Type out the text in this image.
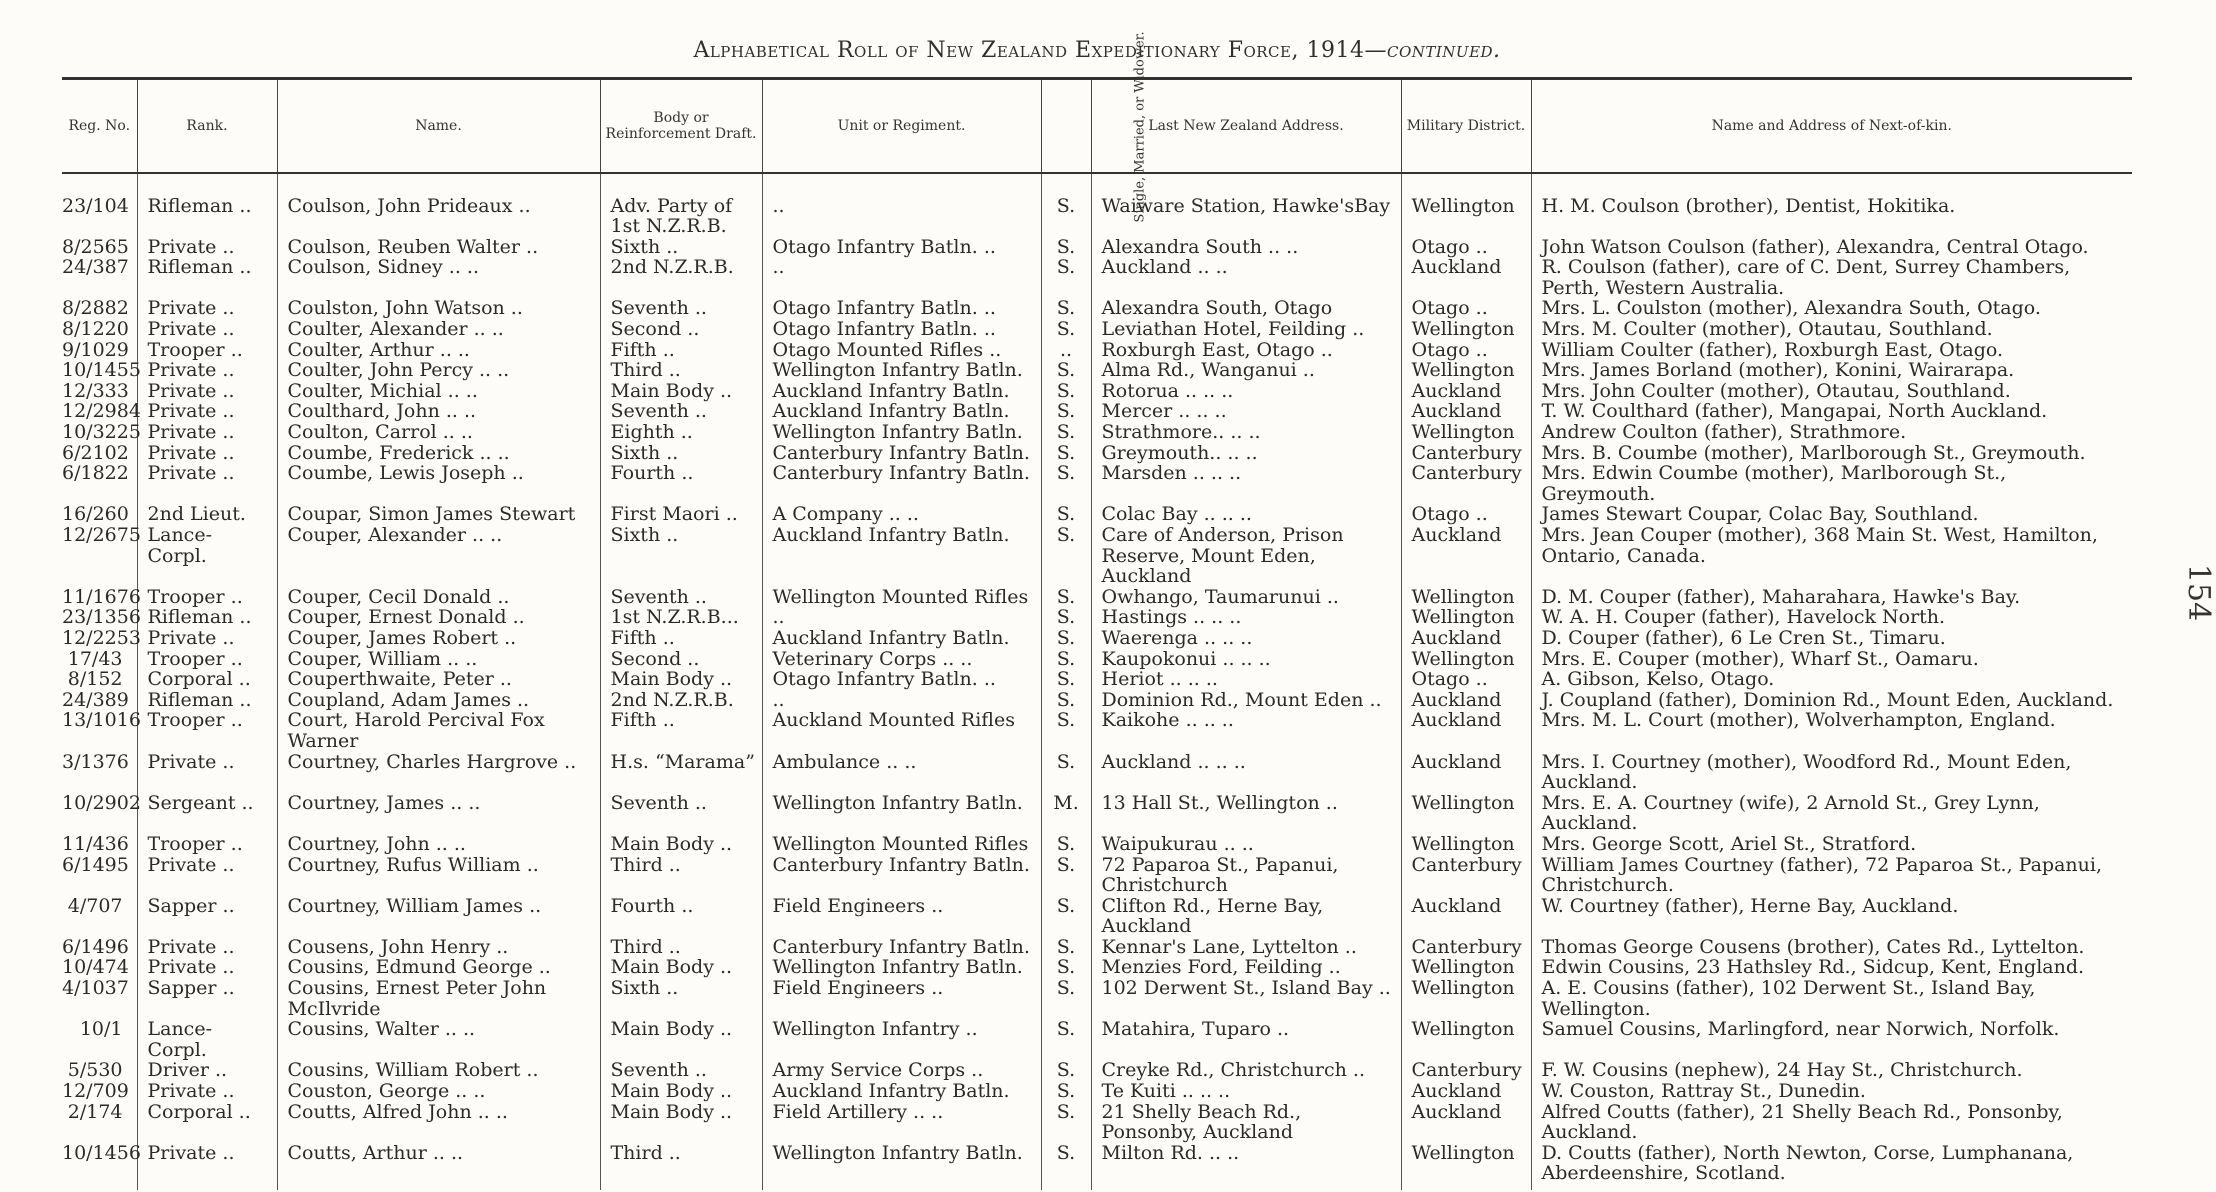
Alphabetical Roll of New Zealand Expeditionary Force, 1914—continued.
Reg. No.	Rank.	Name.	Body or Reinforcement Draft.	Unit or Regiment.	Single, Married, or Widower.	Last New Zealand Address.	Military District.	Name and Address of Next-of-kin.
23/104	Rifleman ..	Coulson, John Prideaux ..	Adv. Party of 1st N.Z.R.B.	..	S.	Waiware Station, Hawke'sBay	Wellington	H. M. Coulson (brother), Dentist, Hokitika.
8/2565	Private ..	Coulson, Reuben Walter ..	Sixth ..	Otago Infantry Batln. ..	S.	Alexandra South .. ..	Otago ..	John Watson Coulson (father), Alexandra, Central Otago.
24/387	Rifleman ..	Coulson, Sidney .. ..	2nd N.Z.R.B.	..	S.	Auckland .. ..	Auckland	R. Coulson (father), care of C. Dent, Surrey Chambers, Perth, Western Australia.
8/2882	Private ..	Coulston, John Watson ..	Seventh ..	Otago Infantry Batln. ..	S.	Alexandra South, Otago	Otago ..	Mrs. L. Coulston (mother), Alexandra South, Otago.
8/1220	Private ..	Coulter, Alexander .. ..	Second ..	Otago Infantry Batln. ..	S.	Leviathan Hotel, Feilding ..	Wellington	Mrs. M. Coulter (mother), Otautau, Southland.
9/1029	Trooper ..	Coulter, Arthur .. ..	Fifth ..	Otago Mounted Rifles ..	..	Roxburgh East, Otago ..	Otago ..	William Coulter (father), Roxburgh East, Otago.
10/1455	Private ..	Coulter, John Percy .. ..	Third ..	Wellington Infantry Batln.	S.	Alma Rd., Wanganui ..	Wellington	Mrs. James Borland (mother), Konini, Wairarapa.
12/333	Private ..	Coulter, Michial .. ..	Main Body ..	Auckland Infantry Batln.	S.	Rotorua .. .. ..	Auckland	Mrs. John Coulter (mother), Otautau, Southland.
12/2984	Private ..	Coulthard, John .. ..	Seventh ..	Auckland Infantry Batln.	S.	Mercer .. .. ..	Auckland	T. W. Coulthard (father), Mangapai, North Auckland.
10/3225	Private ..	Coulton, Carrol .. ..	Eighth ..	Wellington Infantry Batln.	S.	Strathmore.. .. ..	Wellington	Andrew Coulton (father), Strathmore.
6/2102	Private ..	Coumbe, Frederick .. ..	Sixth ..	Canterbury Infantry Batln.	S.	Greymouth.. .. ..	Canterbury	Mrs. B. Coumbe (mother), Marlborough St., Greymouth.
6/1822	Private ..	Coumbe, Lewis Joseph ..	Fourth ..	Canterbury Infantry Batln.	S.	Marsden .. .. ..	Canterbury	Mrs. Edwin Coumbe (mother), Marlborough St., Greymouth.
16/260	2nd Lieut.	Coupar, Simon James Stewart	First Maori ..	A Company .. ..	S.	Colac Bay .. .. ..	Otago ..	James Stewart Coupar, Colac Bay, Southland.
12/2675	Lance-Corpl.	Couper, Alexander .. ..	Sixth ..	Auckland Infantry Batln.	S.	Care of Anderson, Prison Reserve, Mount Eden, Auckland	Auckland	Mrs. Jean Couper (mother), 368 Main St. West, Hamilton, Ontario, Canada.
11/1676	Trooper ..	Couper, Cecil Donald ..	Seventh ..	Wellington Mounted Rifles	S.	Owhango, Taumarunui ..	Wellington	D. M. Couper (father), Maharahara, Hawke's Bay.
23/1356	Rifleman ..	Couper, Ernest Donald ..	1st N.Z.R.B...	..	S.	Hastings .. .. ..	Wellington	W. A. H. Couper (father), Havelock North.
12/2253	Private ..	Couper, James Robert ..	Fifth ..	Auckland Infantry Batln.	S.	Waerenga .. .. ..	Auckland	D. Couper (father), 6 Le Cren St., Timaru.
17/43	Trooper ..	Couper, William .. ..	Second ..	Veterinary Corps .. ..	S.	Kaupokonui .. .. ..	Wellington	Mrs. E. Couper (mother), Wharf St., Oamaru.
8/152	Corporal ..	Couperthwaite, Peter ..	Main Body ..	Otago Infantry Batln. ..	S.	Heriot .. .. ..	Otago ..	A. Gibson, Kelso, Otago.
24/389	Rifleman ..	Coupland, Adam James ..	2nd N.Z.R.B.	..	S.	Dominion Rd., Mount Eden ..	Auckland	J. Coupland (father), Dominion Rd., Mount Eden, Auckland.
13/1016	Trooper ..	Court, Harold Percival Fox Warner	Fifth ..	Auckland Mounted Rifles	S.	Kaikohe .. .. ..	Auckland	Mrs. M. L. Court (mother), Wolverhampton, England.
3/1376	Private ..	Courtney, Charles Hargrove ..	H.s. “Marama”	Ambulance .. ..	S.	Auckland .. .. ..	Auckland	Mrs. I. Courtney (mother), Woodford Rd., Mount Eden, Auckland.
10/2902	Sergeant ..	Courtney, James .. ..	Seventh ..	Wellington Infantry Batln.	M.	13 Hall St., Wellington ..	Wellington	Mrs. E. A. Courtney (wife), 2 Arnold St., Grey Lynn, Auckland.
11/436	Trooper ..	Courtney, John .. ..	Main Body ..	Wellington Mounted Rifles	S.	Waipukurau .. ..	Wellington	Mrs. George Scott, Ariel St., Stratford.
6/1495	Private ..	Courtney, Rufus William ..	Third ..	Canterbury Infantry Batln.	S.	72 Paparoa St., Papanui, Christchurch	Canterbury	William James Courtney (father), 72 Paparoa St., Papanui, Christchurch.
4/707	Sapper ..	Courtney, William James ..	Fourth ..	Field Engineers ..	S.	Clifton Rd., Herne Bay, Auckland	Auckland	W. Courtney (father), Herne Bay, Auckland.
6/1496	Private ..	Cousens, John Henry ..	Third ..	Canterbury Infantry Batln.	S.	Kennar's Lane, Lyttelton ..	Canterbury	Thomas George Cousens (brother), Cates Rd., Lyttelton.
10/474	Private ..	Cousins, Edmund George ..	Main Body ..	Wellington Infantry Batln.	S.	Menzies Ford, Feilding ..	Wellington	Edwin Cousins, 23 Hathsley Rd., Sidcup, Kent, England.
4/1037	Sapper ..	Cousins, Ernest Peter John McIlvride	Sixth ..	Field Engineers ..	S.	102 Derwent St., Island Bay ..	Wellington	A. E. Cousins (father), 102 Derwent St., Island Bay, Wellington.
10/1	Lance-Corpl.	Cousins, Walter .. ..	Main Body ..	Wellington Infantry ..	S.	Matahira, Tuparo ..	Wellington	Samuel Cousins, Marlingford, near Norwich, Norfolk.
5/530	Driver ..	Cousins, William Robert ..	Seventh ..	Army Service Corps ..	S.	Creyke Rd., Christchurch ..	Canterbury	F. W. Cousins (nephew), 24 Hay St., Christchurch.
12/709	Private ..	Couston, George .. ..	Main Body ..	Auckland Infantry Batln.	S.	Te Kuiti .. .. ..	Auckland	W. Couston, Rattray St., Dunedin.
2/174	Corporal ..	Coutts, Alfred John .. ..	Main Body ..	Field Artillery .. ..	S.	21 Shelly Beach Rd., Ponsonby, Auckland	Auckland	Alfred Coutts (father), 21 Shelly Beach Rd., Ponsonby, Auckland.
10/1456	Private ..	Coutts, Arthur .. ..	Third ..	Wellington Infantry Batln.	S.	Milton Rd. .. ..	Wellington	D. Coutts (father), North Newton, Corse, Lumphanana, Aberdeenshire, Scotland.
154
